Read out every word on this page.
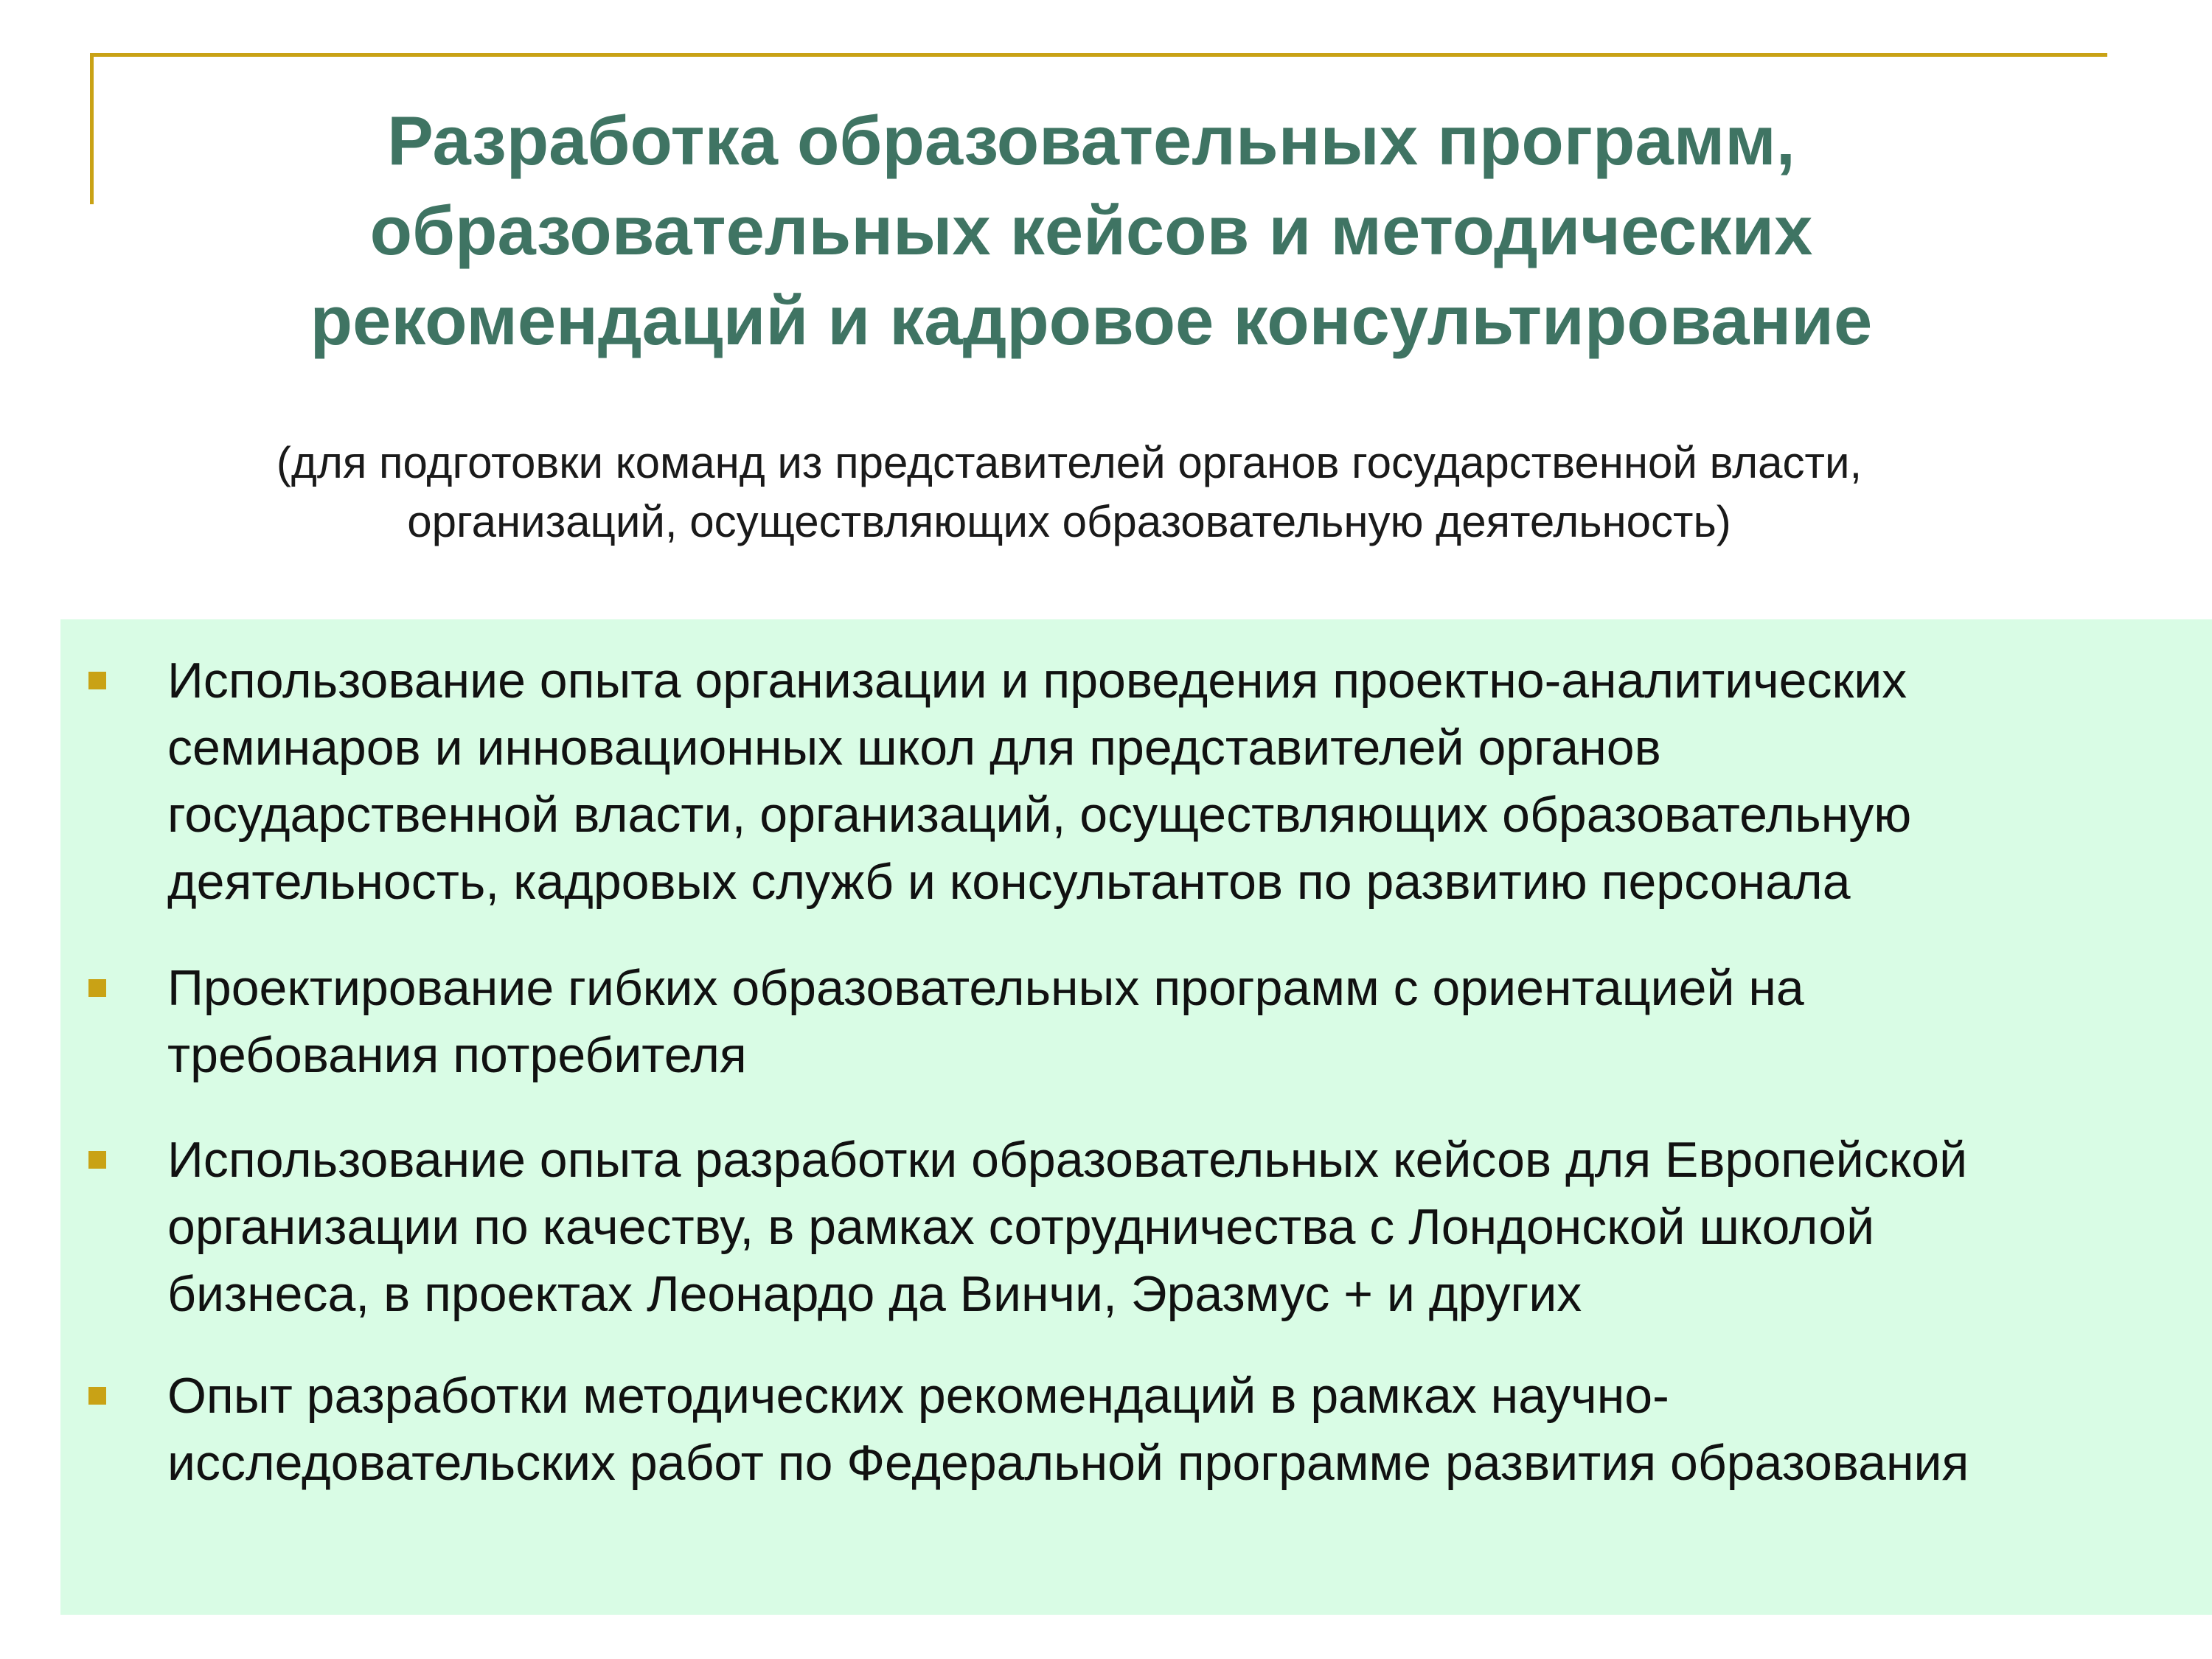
Разработка образовательных программ,
образовательных кейсов и методических
рекомендаций и кадровое консультирование
(для подготовки команд из представителей органов государственной власти,
организаций, осуществляющих образовательную деятельность)
Использование опыта организации и проведения проектно-аналитических
семинаров и инновационных школ для представителей органов
государственной власти, организаций, осуществляющих образовательную
деятельность, кадровых служб и консультантов по развитию персонала
Проектирование гибких образовательных программ с ориентацией на
требования потребителя
Использование опыта разработки образовательных кейсов для Европейской
организации по качеству, в рамках сотрудничества с Лондонской школой
бизнеса, в проектах Леонардо да Винчи, Эразмус + и других
Опыт разработки методических рекомендаций в рамках научно-
исследовательских работ по Федеральной программе развития образования
